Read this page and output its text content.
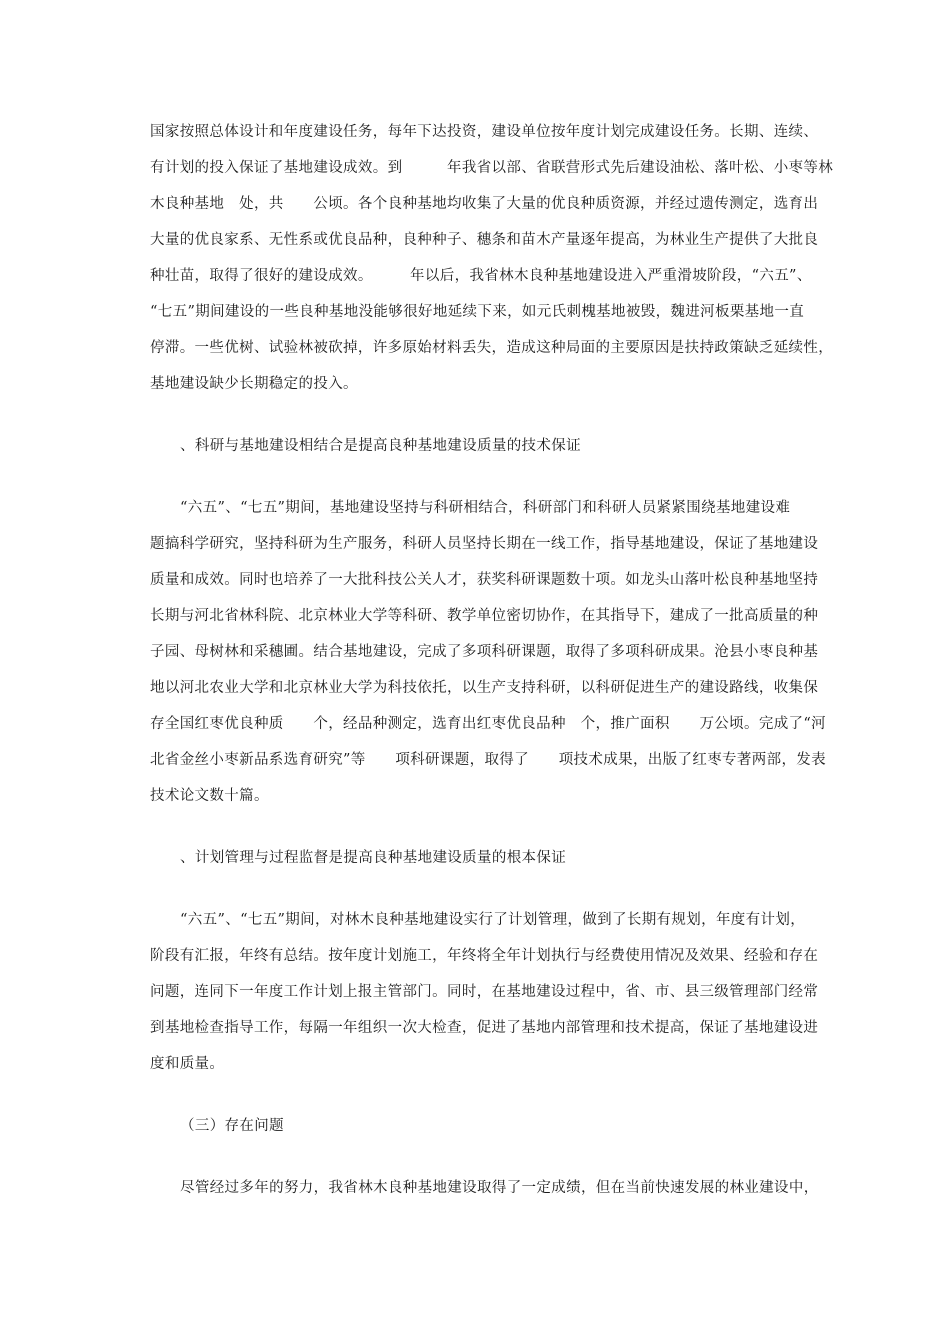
国家按照总体设计和年度建设任务，每年下达投资，建设单位按年度计划完成建设任务。长期、连续、
有计划的投入保证了基地建设成效。到　　　年我省以部、省联营形式先后建设油松、落叶松、小枣等林
木良种基地　处，共　　公顷。各个良种基地均收集了大量的优良种质资源，并经过遗传测定，选育出
大量的优良家系、无性系或优良品种，良种种子、穗条和苗木产量逐年提高，为林业生产提供了大批良
种壮苗，取得了很好的建设成效。　　　年以后，我省林木良种基地建设进入严重滑坡阶段，“六五”、
“七五”期间建设的一些良种基地没能够很好地延续下来，如元氏刺槐基地被毁，魏进河板栗基地一直
停滞。一些优树、试验林被砍掉，许多原始材料丢失，造成这种局面的主要原因是扶持政策缺乏延续性，
基地建设缺少长期稳定的投入。
、科研与基地建设相结合是提高良种基地建设质量的技术保证
“六五”、“七五”期间，基地建设坚持与科研相结合，科研部门和科研人员紧紧围绕基地建设难
题搞科学研究，坚持科研为生产服务，科研人员坚持长期在一线工作，指导基地建设，保证了基地建设
质量和成效。同时也培养了一大批科技公关人才，获奖科研课题数十项。如龙头山落叶松良种基地坚持
长期与河北省林科院、北京林业大学等科研、教学单位密切协作，在其指导下，建成了一批高质量的种
子园、母树林和采穗圃。结合基地建设，完成了多项科研课题，取得了多项科研成果。沧县小枣良种基
地以河北农业大学和北京林业大学为科技依托，以生产支持科研，以科研促进生产的建设路线，收集保
存全国红枣优良种质　　个，经品种测定，选育出红枣优良品种　个，推广面积　　万公顷。完成了“河
北省金丝小枣新品系选育研究”等　　项科研课题，取得了　　项技术成果，出版了红枣专著两部，发表
技术论文数十篇。
、计划管理与过程监督是提高良种基地建设质量的根本保证
“六五”、“七五”期间，对林木良种基地建设实行了计划管理，做到了长期有规划，年度有计划，
阶段有汇报，年终有总结。按年度计划施工，年终将全年计划执行与经费使用情况及效果、经验和存在
问题，连同下一年度工作计划上报主管部门。同时，在基地建设过程中，省、市、县三级管理部门经常
到基地检查指导工作，每隔一年组织一次大检查，促进了基地内部管理和技术提高，保证了基地建设进
度和质量。
（三）存在问题
尽管经过多年的努力，我省林木良种基地建设取得了一定成绩，但在当前快速发展的林业建设中，
